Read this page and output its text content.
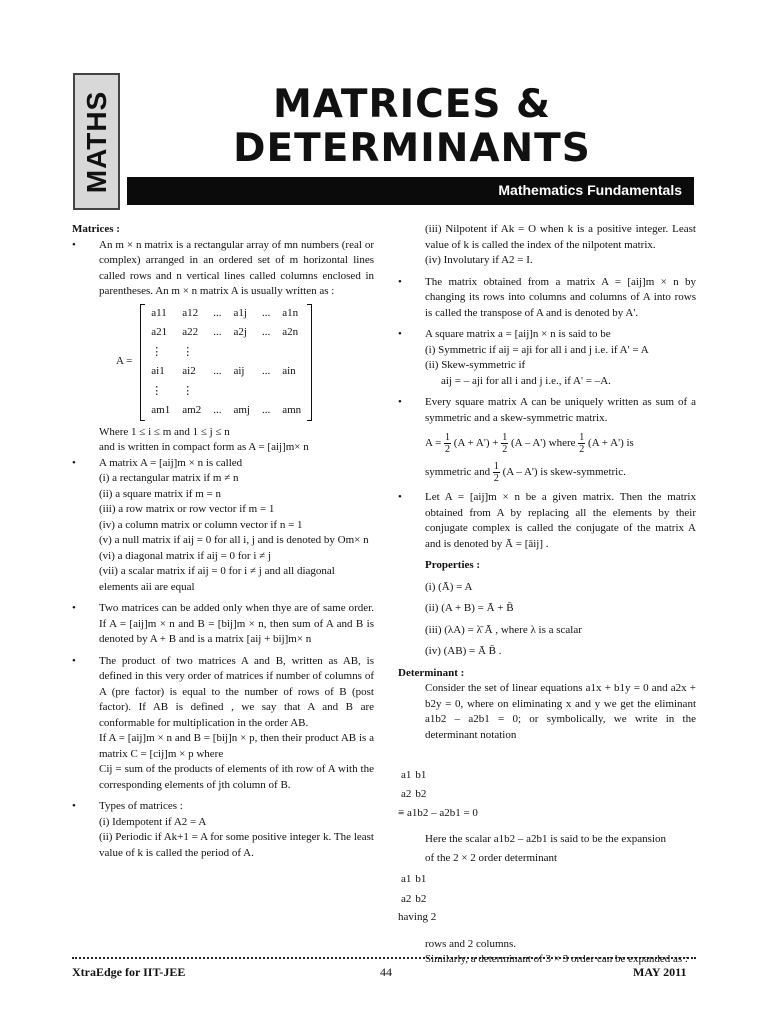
MATHS	MATRICES &
DETERMINANTS
Mathematics Fundamentals

Matrices :

• An m × n matrix is a rectangular array of mn numbers (real or complex) arranged in an ordered set of m horizontal lines called rows and n vertical lines called columns enclosed in parentheses. An m × n matrix A is usually written as :

A =
a11	a12	...	a1j	...	a1n
a21	a22	...	a2j	...	a2n
⋮	⋮				
ai1	ai2	...	aij	...	ain
⋮	⋮				
am1	am2	...	amj	...	amn

Where 1 ≤ i ≤ m and 1 ≤ j ≤ n

and is written in compact form as A = [aij]m× n

• A matrix A = [aij]m × n is called

(i) a rectangular matrix if m ≠ n

(ii) a square matrix if m = n

(iii) a row matrix or row vector if m = 1

(iv) a column matrix or column vector if n = 1

(v) a null matrix if aij = 0 for all i, j and is denoted by Om× n

(vi) a diagonal matrix if aij = 0 for i ≠ j

(vii) a scalar matrix if aij = 0 for i ≠ j and all diagonal elements aii are equal

• Two matrices can be added only when thye are of same order. If A = [aij]m × n and B = [bij]m × n, then sum of A and B is denoted by A + B and is a matrix [aij + bij]m× n

• The product of two matrices A and B, written as AB, is defined in this very order of matrices if number of columns of A (pre factor) is equal to the number of rows of B (post factor). If AB is defined , we say that A and B are conformable for multiplication in the order AB.

If A = [aij]m × n and B = [bij]n × p, then their product AB is a matrix C = [cij]m × p where

Cij = sum of the products of elements of ith row of A with the corresponding elements of jth column of B.

• Types of matrices :

(i) Idempotent if A2 = A

(ii) Periodic if Ak+1 = A for some positive integer k. The least value of k is called the period of A.

(iii) Nilpotent if Ak = O when k is a positive integer. Least value of k is called the index of the nilpotent matrix.

(iv) Involutary if A2 = I.

• The matrix obtained from a matrix A = [aij]m × n by changing its rows into columns and columns of A into rows is called the transpose of A and is denoted by A'.

• A square matrix a = [aij]n × n is said to be

(i) Symmetric if aij = aji for all i and j i.e. if A' = A

(ii) Skew-symmetric if

aij = – aji for all i and j i.e., if A' = –A.

• Every square matrix A can be uniquely written as sum of a symmetric and a skew-symmetric matrix.

$A = \frac{1}{2} (A + A') + \frac{1}{2} (A - A')$ where $\frac{1}{2} (A + A')$ is

symmetric and $\frac{1}{2} (A - A')$ is skew-symmetric.

• Let A = [aij]m × n be a given matrix. Then the matrix obtained from A by replacing all the elements by their conjugate complex is called the conjugate of the matrix A and is denoted by Ā = [āij] .

Properties :

(i) (Ā) = A

(ii) (A + B) = Ā + B̄

(iii) (λA) = λ̄ Ā , where λ is a scalar

(iv) (AB) = Ā B̄ .

Determinant :

Consider the set of linear equations a1x + b1y = 0 and a2x + b2y = 0, where on eliminating x and y we get the eliminant a1b2 – a2b1 = 0; or symbolically, we write in the determinant notation

a1	b1
a2	b2
≡ a1b2 – a2b1 = 0

Here the scalar a1b2 – a2b1 is said to be the expansion

of the 2 × 2 order determinant

a1	b1
a2	b2
having 2

rows and 2 columns.

Similarly, a determinant of 3 × 3 order can be expanded as :

XtraEdge for IIT-JEE	44	MAY 2011
